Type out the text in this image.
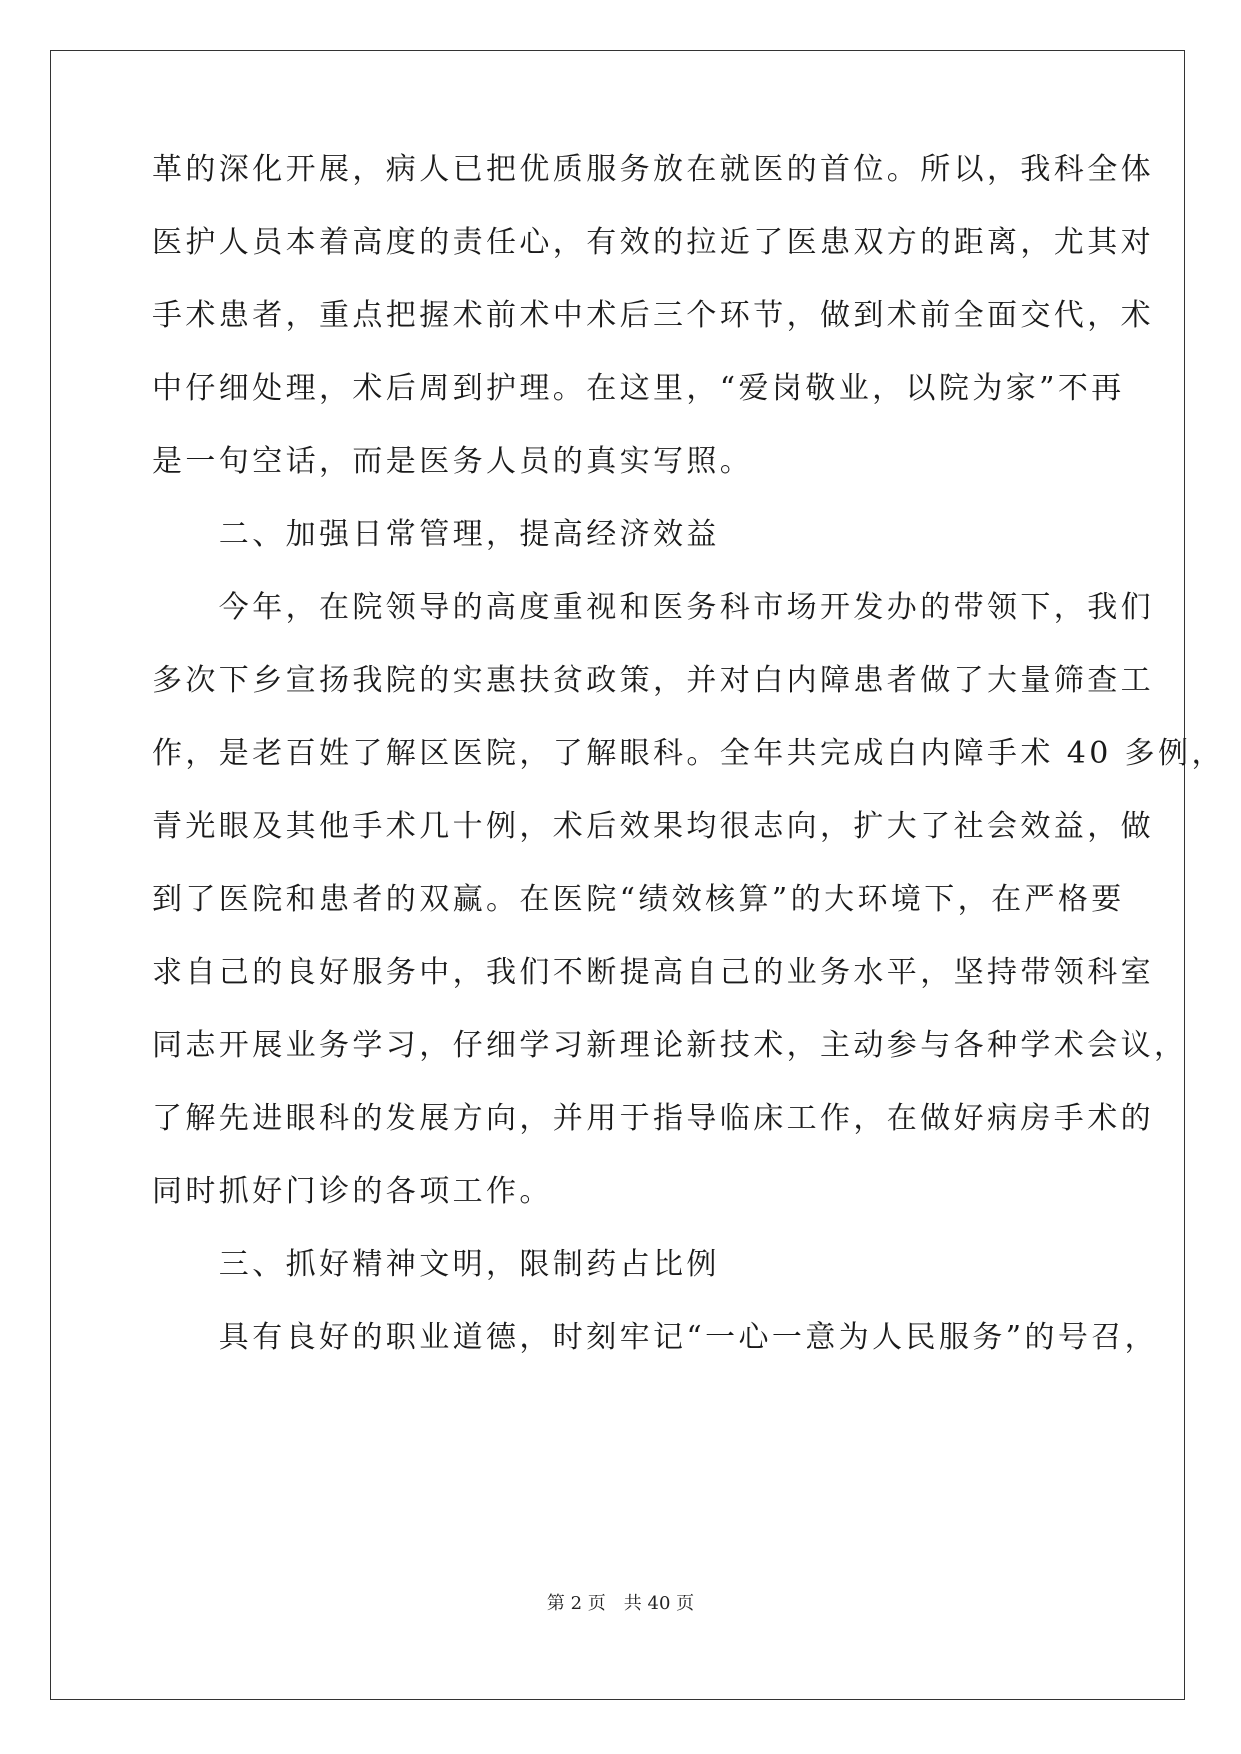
革的深化开展，病人已把优质服务放在就医的首位。所以，我科全体
医护人员本着高度的责任心，有效的拉近了医患双方的距离，尤其对
手术患者，重点把握术前术中术后三个环节，做到术前全面交代，术
中仔细处理，术后周到护理。在这里，“爱岗敬业，以院为家”不再
是一句空话，而是医务人员的真实写照。
　　二、加强日常管理，提高经济效益
　　今年，在院领导的高度重视和医务科市场开发办的带领下，我们
多次下乡宣扬我院的实惠扶贫政策，并对白内障患者做了大量筛查工
作，是老百姓了解区医院，了解眼科。全年共完成白内障手术 40 多例，
青光眼及其他手术几十例，术后效果均很志向，扩大了社会效益，做
到了医院和患者的双赢。在医院“绩效核算”的大环境下，在严格要
求自己的良好服务中，我们不断提高自己的业务水平，坚持带领科室
同志开展业务学习，仔细学习新理论新技术，主动参与各种学术会议，
了解先进眼科的发展方向，并用于指导临床工作，在做好病房手术的
同时抓好门诊的各项工作。
　　三、抓好精神文明，限制药占比例
　　具有良好的职业道德，时刻牢记“一心一意为人民服务”的号召，
第 2 页　共 40 页
